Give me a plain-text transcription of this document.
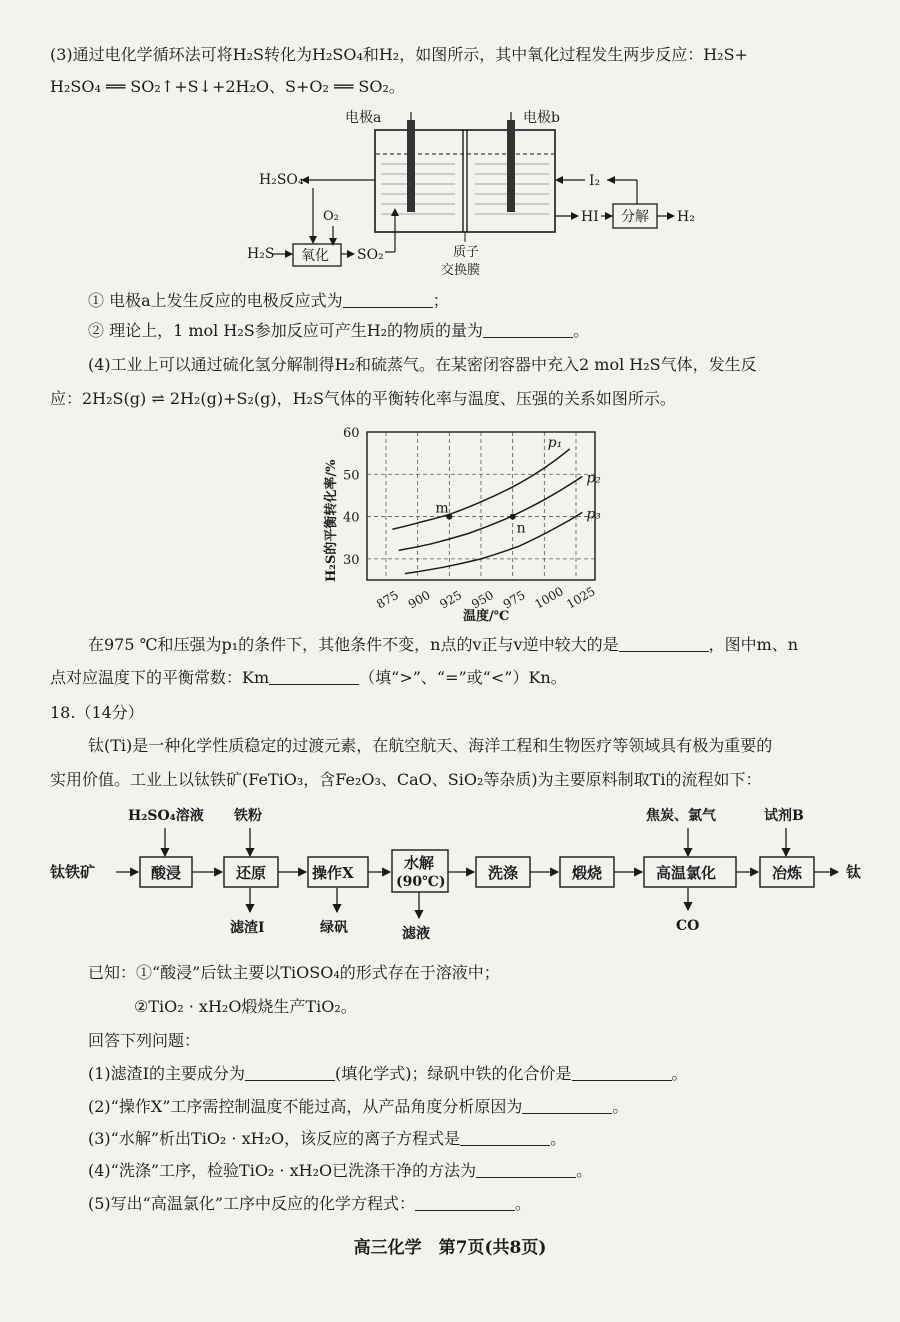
(3)通过电化学循环法可将H₂S转化为H₂SO₄和H₂，如图所示，其中氧化过程发生两步反应：H₂S+
H₂SO₄ ══ SO₂↑+S↓+2H₂O、S+O₂ ══ SO₂。
电极a	电极b
H₂SO₄
O₂
H₂S 氧化 SO₂	质子
交换膜
I₂
HI 分解 H₂
① 电极a上发生反应的电极反应式为	；
② 理论上，1 mol H₂S参加反应可产生H₂的物质的量为	。
(4)工业上可以通过硫化氢分解制得H₂和硫蒸气。在某密闭容器中充入2 mol H₂S气体，发生反
应：2H₂S(g) ⇌ 2H₂(g)+S₂(g)，H₂S气体的平衡转化率与温度、压强的关系如图所示。
p₁
p₂
p₃
m
n
875 900 925 950 975 1000
1025
30
40
50
60
H₂S的平衡转化率/%
温度/℃
在975 ℃和压强为p₁的条件下，其他条件不变，n点的v正与v逆中较大的是	，图中m、n
点对应温度下的平衡常数：Km	（填“>”、“=”或“<”）Kn。
18.（14分）
钛(Ti)是一种化学性质稳定的过渡元素，在航空航天、海洋工程和生物医疗等领域具有极为重要的
实用价值。工业上以钛铁矿(FeTiO₃，含Fe₂O₃、CaO、SiO₂等杂质)为主要原料制取Ti的流程如下：
钛铁矿	酸浸	还原	操作X
水解
(90℃)	洗涤	煅烧	高温氯化	冶炼	钛
H₂SO₄溶液 铁粉	焦炭、氯气	试剂B
滤渣I	绿矾	滤液	CO
已知：①“酸浸”后钛主要以TiOSO₄的形式存在于溶液中；
②TiO₂ · xH₂O煅烧生产TiO₂。
回答下列问题：
(1)滤渣I的主要成分为	(填化学式)；绿矾中铁的化合价是	。
(2)“操作X”工序需控制温度不能过高，从产品角度分析原因为	。
(3)“水解”析出TiO₂ · xH₂O，该反应的离子方程式是	。
(4)“洗涤”工序，检验TiO₂ · xH₂O已洗涤干净的方法为	。
(5)写出“高温氯化”工序中反应的化学方程式：	。
高三化学　第7页(共8页)
